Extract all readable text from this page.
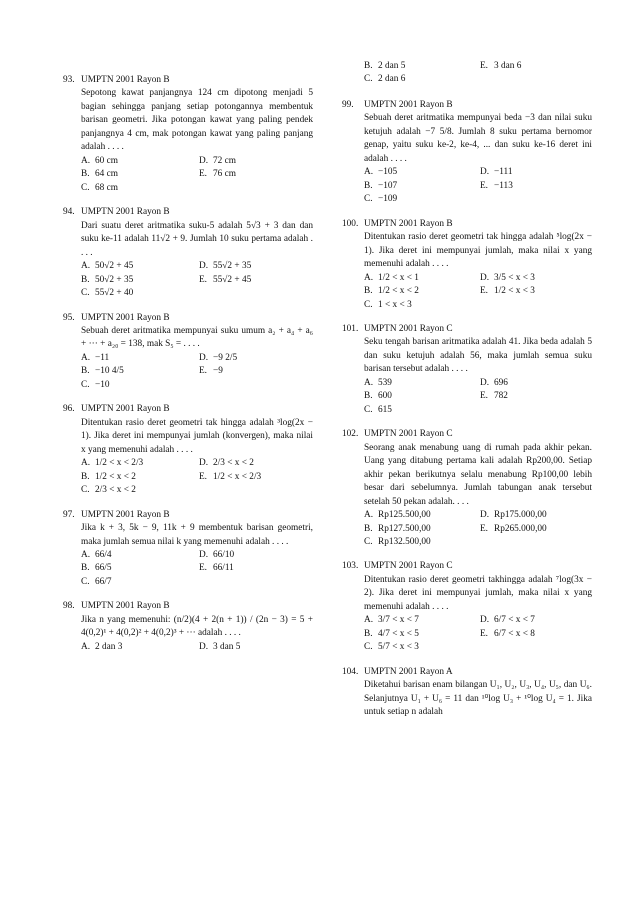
93. UMPTN 2001 Rayon B

Sepotong kawat panjangnya 124 cm dipotong menjadi 5 bagian sehingga panjang setiap potongannya membentuk barisan geometri. Jika potongan kawat yang paling pendek panjangnya 4 cm, mak potongan kawat yang paling panjang adalah . . . .

A. 60 cm	D. 72 cm
B. 64 cm	E. 76 cm
C. 68 cm
94. UMPTN 2001 Rayon B

Dari suatu deret aritmatika suku-5 adalah 5√3 + 3 dan dan suku ke-11 adalah 11√2 + 9. Jumlah 10 suku pertama adalah . . . .

A. 50√2 + 45	D. 55√2 + 35
B. 50√2 + 35	E. 55√2 + 45
C. 55√2 + 40
95. UMPTN 2001 Rayon B

Sebuah deret aritmatika mempunyai suku umum a₂ + a₄ + a₆ + ··· + a₂₀ = 138, mak S₅ = . . . .

A. −11	D. −9 2/5
B. −10 4/5	E. −9
C. −10
96. UMPTN 2001 Rayon B

Ditentukan rasio deret geometri tak hingga adalah ³log(2x − 1). Jika deret ini mempunyai jumlah (konvergen), maka nilai x yang memenuhi adalah . . . .

A. 1/2 < x < 2/3	D. 2/3 < x < 2
B. 1/2 < x < 2	E. 1/2 < x < 2/3
C. 2/3 < x < 2
97. UMPTN 2001 Rayon B

Jika k + 3, 5k − 9, 11k + 9 membentuk barisan geometri, maka jumlah semua nilai k yang memenuhi adalah . . . .

A. 66/4	D. 66/10
B. 66/5	E. 66/11
C. 66/7
98. UMPTN 2001 Rayon B

Jika n yang memenuhi: (n/2)(4 + 2(n + 1)) / (2n − 3) = 5 + 4(0,2)¹ + 4(0,2)² + 4(0,2)³ + ··· adalah . . . .

A. 2 dan 3	D. 3 dan 5
B. 2 dan 5	E. 3 dan 6
C. 2 dan 6
99.	UMPTN 2001 Rayon B

Sebuah deret aritmatika mempunyai beda −3 dan nilai suku ketujuh adalah −7 5/8. Jumlah 8 suku pertama bernomor genap, yaitu suku ke-2, ke-4, ... dan suku ke-16 deret ini adalah . . . .

A. −105	D. −111
B. −107	E. −113
C. −109
100. UMPTN 2001 Rayon B

Ditentukan rasio deret geometri tak hingga adalah ⁵log(2x − 1). Jika deret ini mempunyai jumlah, maka nilai x yang memenuhi adalah . . . .

A. 1/2 < x < 1	D. 3/5 < x < 3
B. 1/2 < x < 2	E. 1/2 < x < 3
C. 1 < x < 3
101. UMPTN 2001 Rayon C

Seku tengah barisan aritmatika adalah 41. Jika beda adalah 5 dan suku ketujuh adalah 56, maka jumlah semua suku barisan tersebut adalah . . . .

A. 539	D. 696
B. 600	E. 782
C. 615
102. UMPTN 2001 Rayon C

Seorang anak menabung uang di rumah pada akhir pekan. Uang yang ditabung pertama kali adalah Rp200,00. Setiap akhir pekan berikutnya selalu menabung Rp100,00 lebih besar dari sebelumnya. Jumlah tabungan anak tersebut setelah 50 pekan adalah. . . .

A. Rp125.500,00	D. Rp175.000,00
B. Rp127.500,00	E. Rp265.000,00
C. Rp132.500,00
103. UMPTN 2001 Rayon C

Ditentukan rasio deret geometri takhingga adalah ⁷log(3x − 2). Jika deret ini mempunyai jumlah, maka nilai x yang memenuhi adalah . . . .

A. 3/7 < x < 7	D. 6/7 < x < 7
B. 4/7 < x < 5	E. 6/7 < x < 8
C. 5/7 < x < 3
104. UMPTN 2001 Rayon A

Diketahui barisan enam bilangan U₁, U₂, U₃, U₄, U₅, dan U₆. Selanjutnya U₁ + U₆ = 11 dan ¹⁰log U₃ + ¹⁰log U₄ = 1. Jika untuk setiap n adalah
